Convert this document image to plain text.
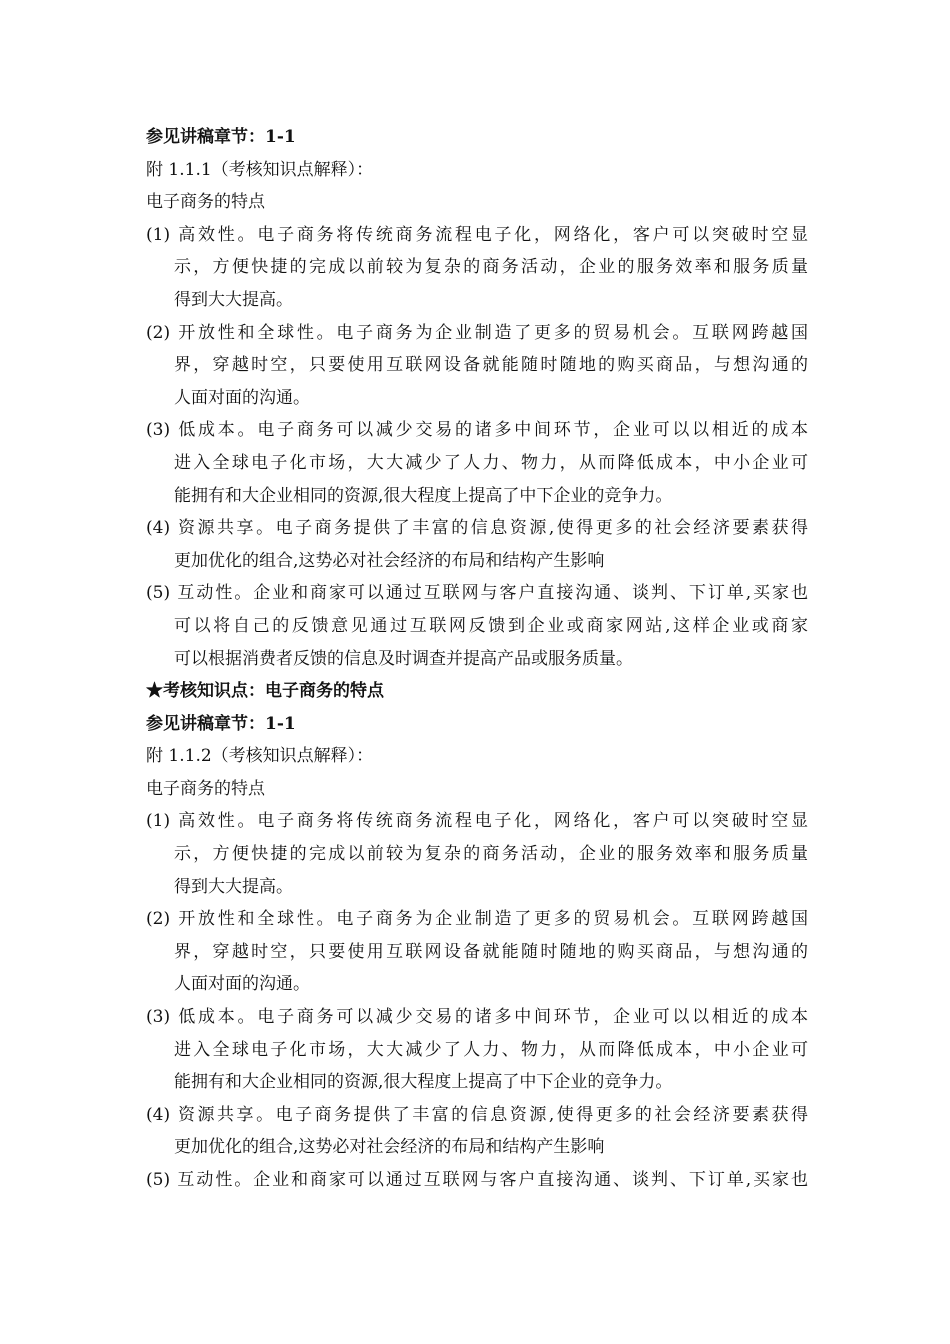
参见讲稿章节：1-1
附 1.1.1（考核知识点解释）：
电子商务的特点
(1) 高效性。电子商务将传统商务流程电子化，网络化，客户可以突破时空显
示，方便快捷的完成以前较为复杂的商务活动，企业的服务效率和服务质量
得到大大提高。
(2) 开放性和全球性。电子商务为企业制造了更多的贸易机会。互联网跨越国
界，穿越时空，只要使用互联网设备就能随时随地的购买商品，与想沟通的
人面对面的沟通。
(3) 低成本。电子商务可以减少交易的诸多中间环节，企业可以以相近的成本
进入全球电子化市场，大大减少了人力、物力，从而降低成本，中小企业可
能拥有和大企业相同的资源,很大程度上提高了中下企业的竞争力。
(4) 资源共享。电子商务提供了丰富的信息资源,使得更多的社会经济要素获得
更加优化的组合,这势必对社会经济的布局和结构产生影响
(5) 互动性。企业和商家可以通过互联网与客户直接沟通、谈判、下订单,买家也
可以将自己的反馈意见通过互联网反馈到企业或商家网站,这样企业或商家
可以根据消费者反馈的信息及时调查并提高产品或服务质量。
★考核知识点：电子商务的特点
参见讲稿章节：1-1
附 1.1.2（考核知识点解释）：
电子商务的特点
(1) 高效性。电子商务将传统商务流程电子化，网络化，客户可以突破时空显
示，方便快捷的完成以前较为复杂的商务活动，企业的服务效率和服务质量
得到大大提高。
(2) 开放性和全球性。电子商务为企业制造了更多的贸易机会。互联网跨越国
界，穿越时空，只要使用互联网设备就能随时随地的购买商品，与想沟通的
人面对面的沟通。
(3) 低成本。电子商务可以减少交易的诸多中间环节，企业可以以相近的成本
进入全球电子化市场，大大减少了人力、物力，从而降低成本，中小企业可
能拥有和大企业相同的资源,很大程度上提高了中下企业的竞争力。
(4) 资源共享。电子商务提供了丰富的信息资源,使得更多的社会经济要素获得
更加优化的组合,这势必对社会经济的布局和结构产生影响
(5) 互动性。企业和商家可以通过互联网与客户直接沟通、谈判、下订单,买家也
